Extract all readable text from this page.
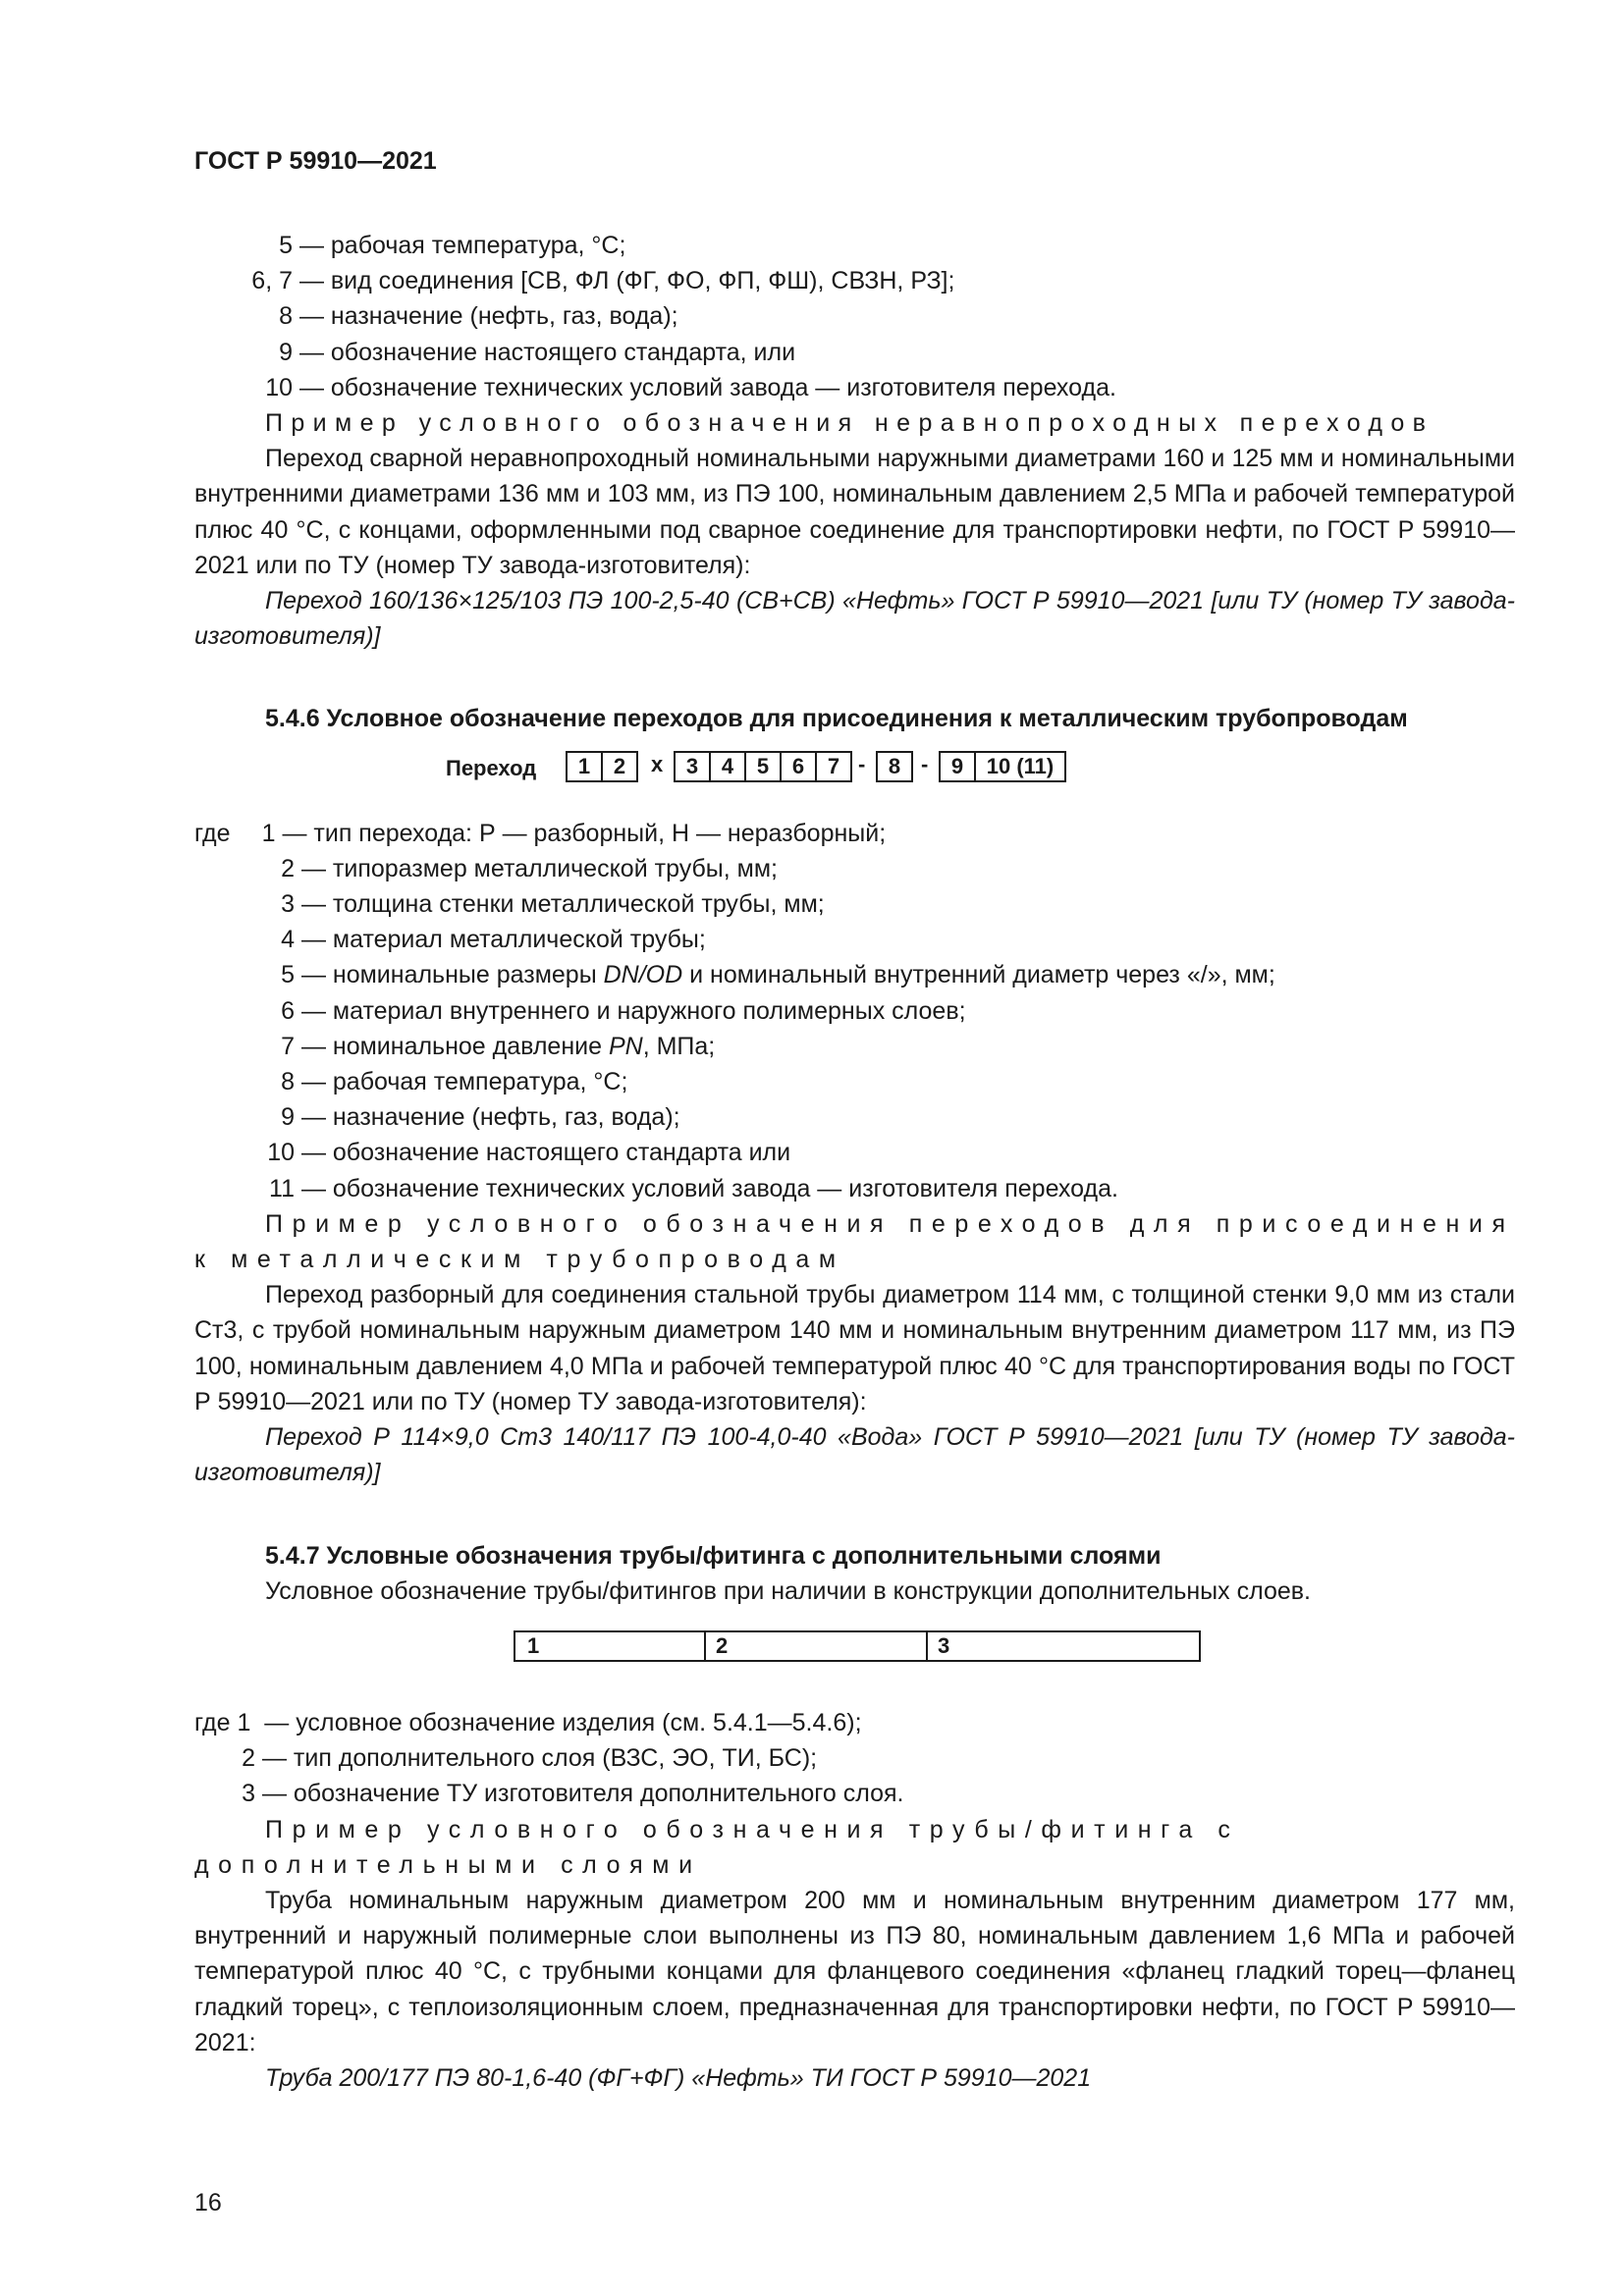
ГОСТ Р 59910—2021
5 — рабочая температура, °С;
6, 7 — вид соединения [СВ, ФЛ (ФГ, ФО, ФП, ФШ), СВЗН, РЗ];
8 — назначение (нефть, газ, вода);
9 — обозначение настоящего стандарта, или
10 — обозначение технических условий завода — изготовителя перехода.

Пример условного обозначения неравнопроходных переходов

Переход сварной неравнопроходный номинальными наружными диаметрами 160 и 125 мм и номинальными внутренними диаметрами 136 мм и 103 мм, из ПЭ 100, номинальным давлением 2,5 МПа и рабочей температурой плюс 40 °С, с концами, оформленными под сварное соединение для транспортировки нефти, по ГОСТ Р 59910—2021 или по ТУ (номер ТУ завода-изготовителя):

Переход 160/136×125/103 ПЭ 100-2,5-40 (СВ+СВ) «Нефть» ГОСТ Р 59910—2021 [или ТУ (номер ТУ завода-изготовителя)]

5.4.6 Условное обозначение переходов для присоединения к металлическим трубопроводам

Переход	1	2	x	3	4	5	6	7 -	8 -	9	10 (11)
где 1 — тип перехода: Р — разборный, Н — неразборный;
2 — типоразмер металлической трубы, мм;
3 — толщина стенки металлической трубы, мм;
4 — материал металлической трубы;
5 — номинальные размеры DN/OD и номинальный внутренний диаметр через «/», мм;
6 — материал внутреннего и наружного полимерных слоев;
7 — номинальное давление PN, МПа;
8 — рабочая температура, °С;
9 — назначение (нефть, газ, вода);
10 — обозначение настоящего стандарта или
11 — обозначение технических условий завода — изготовителя перехода.

Пример условного обозначения переходов для присоединения к металлическим трубопроводам

Переход разборный для соединения стальной трубы диаметром 114 мм, с толщиной стенки 9,0 мм из стали Ст3, с трубой номинальным наружным диаметром 140 мм и номинальным внутренним диаметром 117 мм, из ПЭ 100, номинальным давлением 4,0 МПа и рабочей температурой плюс 40 °С для транспортирования воды по ГОСТ Р 59910—2021 или по ТУ (номер ТУ завода-изготовителя):

Переход Р 114×9,0 Ст3 140/117 ПЭ 100-4,0-40 «Вода» ГОСТ Р 59910—2021 [или ТУ (номер ТУ завода-изготовителя)]

5.4.7 Условные обозначения трубы/фитинга с дополнительными слоями

Условное обозначение трубы/фитингов при наличии в конструкции дополнительных слоев.

1	2	3
где 1 — условное обозначение изделия (см. 5.4.1—5.4.6);
2 — тип дополнительного слоя (ВЗС, ЭО, ТИ, БС);
3 — обозначение ТУ изготовителя дополнительного слоя.

Пример условного обозначения трубы/фитинга с дополнительными слоями

Труба номинальным наружным диаметром 200 мм и номинальным внутренним диаметром 177 мм, внутренний и наружный полимерные слои выполнены из ПЭ 80, номинальным давлением 1,6 МПа и рабочей температурой плюс 40 °С, с трубными концами для фланцевого соединения «фланец гладкий торец—фланец гладкий торец», с теплоизоляционным слоем, предназначенная для транспортировки нефти, по ГОСТ Р 59910—2021:

Труба 200/177 ПЭ 80-1,6-40 (ФГ+ФГ) «Нефть» ТИ ГОСТ Р 59910—2021

16
